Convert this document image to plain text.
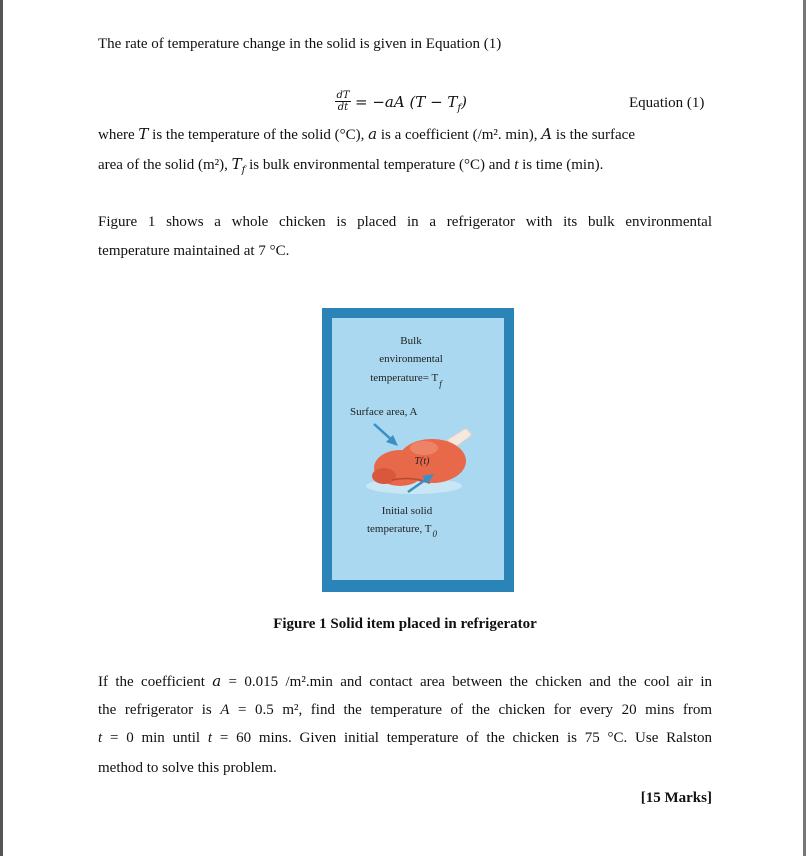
The rate of temperature change in the solid is given in Equation (1)
$\frac{dT}{dt} = -aA$ $(T - T_f)$	Equation (1)
where T is the temperature of the solid (°C), a is a coefficient (/m². min), A is the surface
area of the solid (m²), $T_f$ is bulk environmental temperature (°C) and t is time (min).
Figure 1 shows a whole chicken is placed in a refrigerator with its bulk environmental
temperature maintained at 7 °C.
Figure 1 Solid item placed in refrigerator
If the coefficient a = 0.015 /m².min and contact area between the chicken and the cool air in
the refrigerator is A = 0.5 m², find the temperature of the chicken for every 20 mins from
t = 0 min until t = 60 mins. Given initial temperature of the chicken is 75 °C. Use Ralston
method to solve this problem.
[15 Marks]
Bulk
environmental
temperature= $T_f$
Surface area, A
T(t)
Initial solid
temperature, $T_0$
